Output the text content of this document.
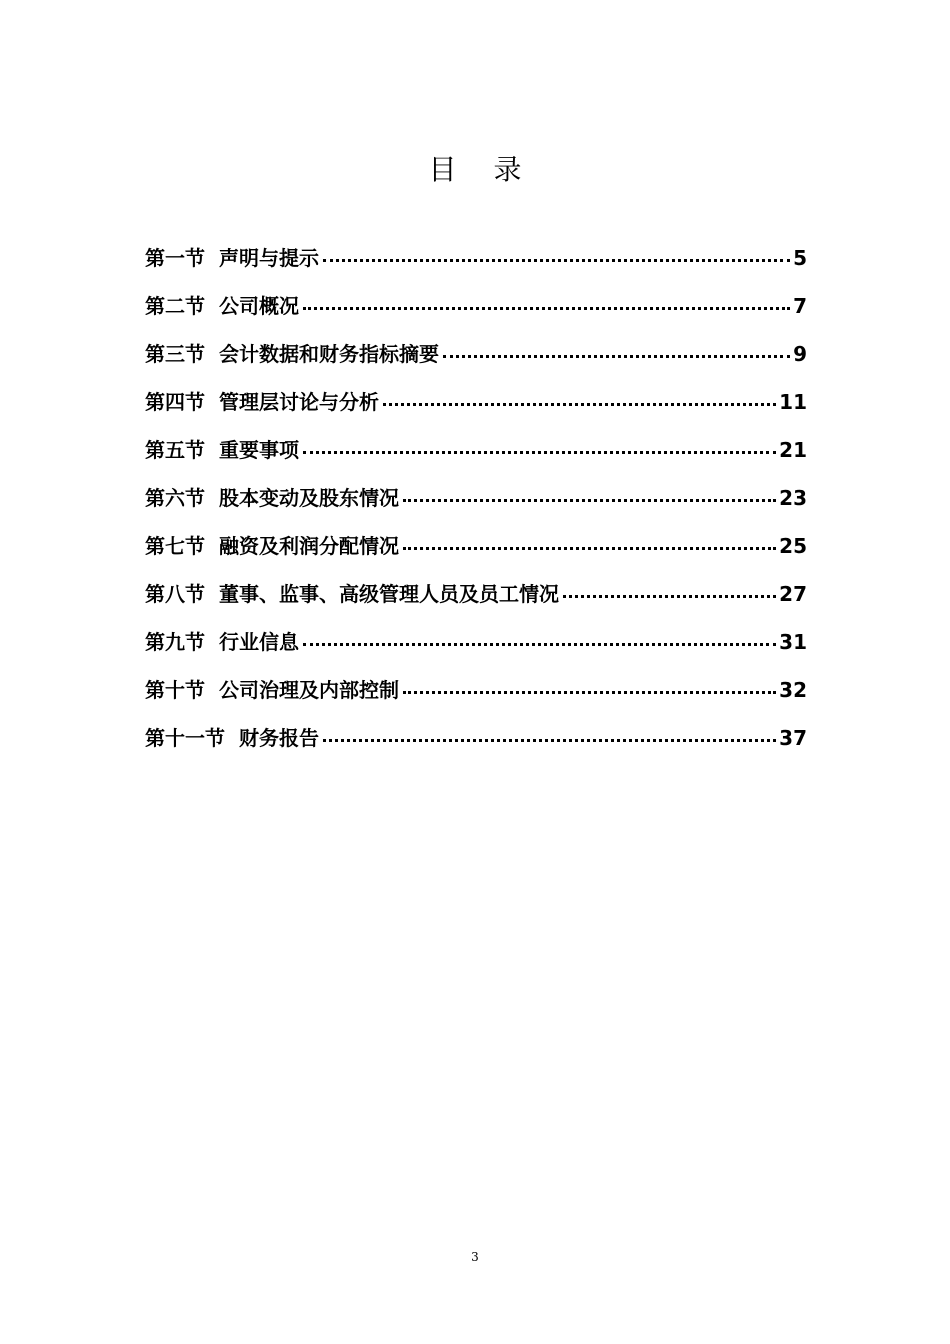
目 录
第一节 声明与提示	5
第二节 公司概况	7
第三节 会计数据和财务指标摘要	9
第四节 管理层讨论与分析	11
第五节 重要事项	21
第六节 股本变动及股东情况	23
第七节 融资及利润分配情况	25
第八节 董事、监事、高级管理人员及员工情况	27
第九节 行业信息	31
第十节 公司治理及内部控制	32
第十一节 财务报告	37
3
